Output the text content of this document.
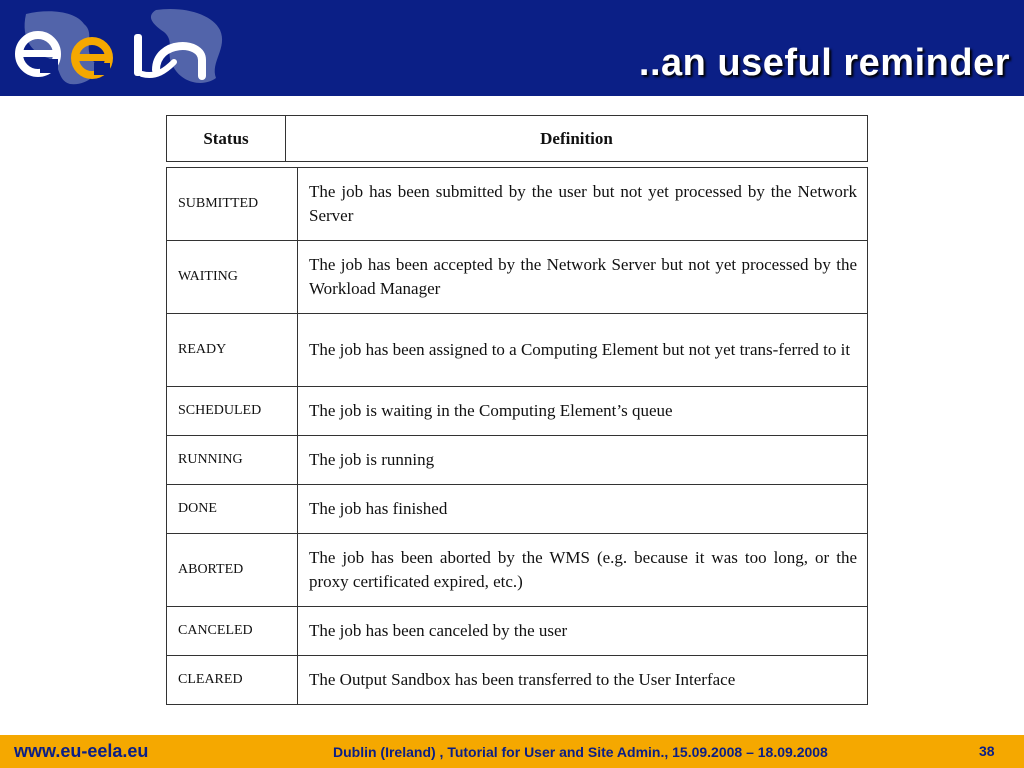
..an useful reminder
Status	Definition
SUBMITTED	The job has been submitted by the user but not yet processed by the Network Server
WAITING	The job has been accepted by the Network Server but not yet processed by the Workload Manager
READY	The job has been assigned to a Computing Element but not yet trans-ferred to it
SCHEDULED	The job is waiting in the Computing Element’s queue
RUNNING	The job is running
DONE	The job has finished
ABORTED	The job has been aborted by the WMS (e.g. because it was too long, or the proxy certificated expired, etc.)
CANCELED	The job has been canceled by the user
CLEARED	The Output Sandbox has been transferred to the User Interface
www.eu-eela.eu	Dublin (Ireland) , Tutorial for User and Site Admin., 15.09.2008 – 18.09.2008	38
